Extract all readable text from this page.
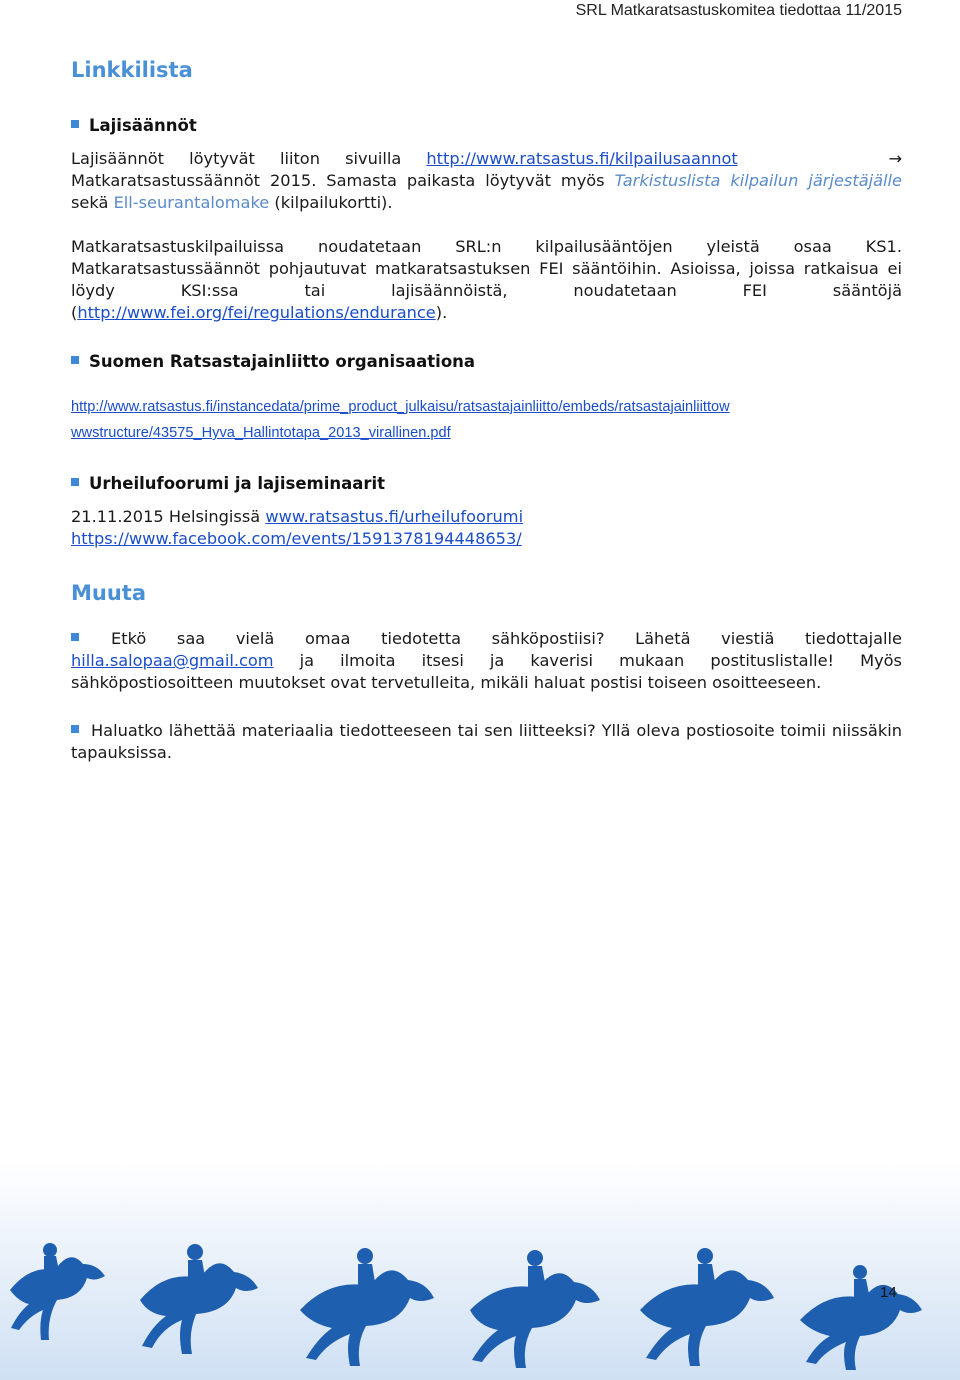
SRL Matkaratsastuskomitea tiedottaa 11/2015
Linkkilista
Lajisäännöt
Lajisäännöt löytyvät liiton sivuilla http://www.ratsastus.fi/kilpailusaannot	→
Matkaratsastussäännöt 2015. Samasta paikasta löytyvät myös Tarkistuslista kilpailun järjestäjälle sekä Ell-seurantalomake (kilpailukortti).
Matkaratsastuskilpailuissa noudatetaan SRL:n kilpailusääntöjen yleistä osaa KS1. Matkaratsastussäännöt pohjautuvat matkaratsastuksen FEI sääntöihin. Asioissa, joissa ratkaisua ei löydy KSI:ssa tai lajisäännöistä, noudatetaan FEI sääntöjä (http://www.fei.org/fei/regulations/endurance).
Suomen Ratsastajainliitto organisaationa
http://www.ratsastus.fi/instancedata/prime_product_julkaisu/ratsastajainliitto/embeds/ratsastajainliittow
wwstructure/43575_Hyva_Hallintotapa_2013_virallinen.pdf
Urheilufoorumi ja lajiseminaarit
21.11.2015 Helsingissä www.ratsastus.fi/urheilufoorumi
https://www.facebook.com/events/1591378194448653/
Muuta
Etkö saa vielä omaa tiedotetta sähköpostiisi? Lähetä viestiä tiedottajalle hilla.salopaa@gmail.com ja ilmoita itsesi ja kaverisi mukaan postituslistalle! Myös sähköpostiosoitteen muutokset ovat tervetulleita, mikäli haluat postisi toiseen osoitteeseen.
Haluatko lähettää materiaalia tiedotteeseen tai sen liitteeksi? Yllä oleva postiosoite toimii niissäkin tapauksissa.
14
